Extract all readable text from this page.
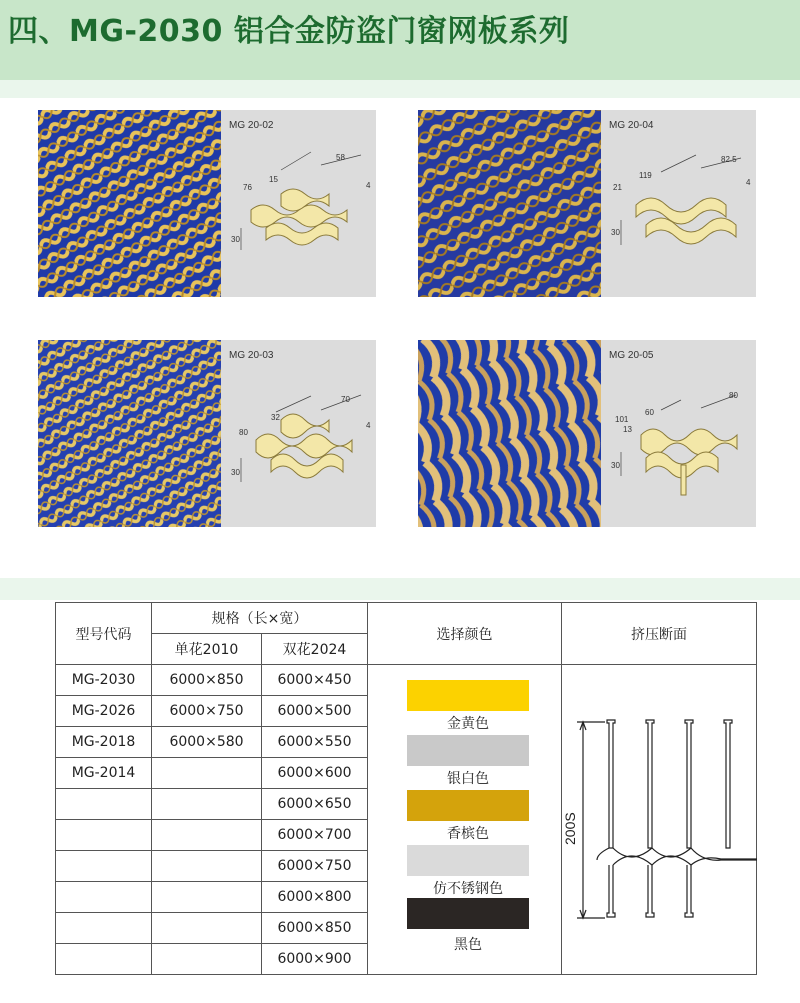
四、MG-2030 铝合金防盗门窗网板系列
MG 20-02
76
15
58
4
30
MG 20-04
21
119
82.5
4
30
MG 20-03
80
32
70
4
30
MG 20-05
101
60
80
13
30
型号代码	规格（长×宽）		选择颜色	挤压断面
	单花2010	双花2024		
MG-2030	6000×850	6000×450		
MG-2026	6000×750	6000×500		
MG-2018	6000×580	6000×550		
MG-2014		6000×600		
		6000×650		
		6000×700		
		6000×750		
		6000×800		
		6000×850		
		6000×900		
金黄色
银白色
香槟色
仿不锈钢色
黑色
200S
